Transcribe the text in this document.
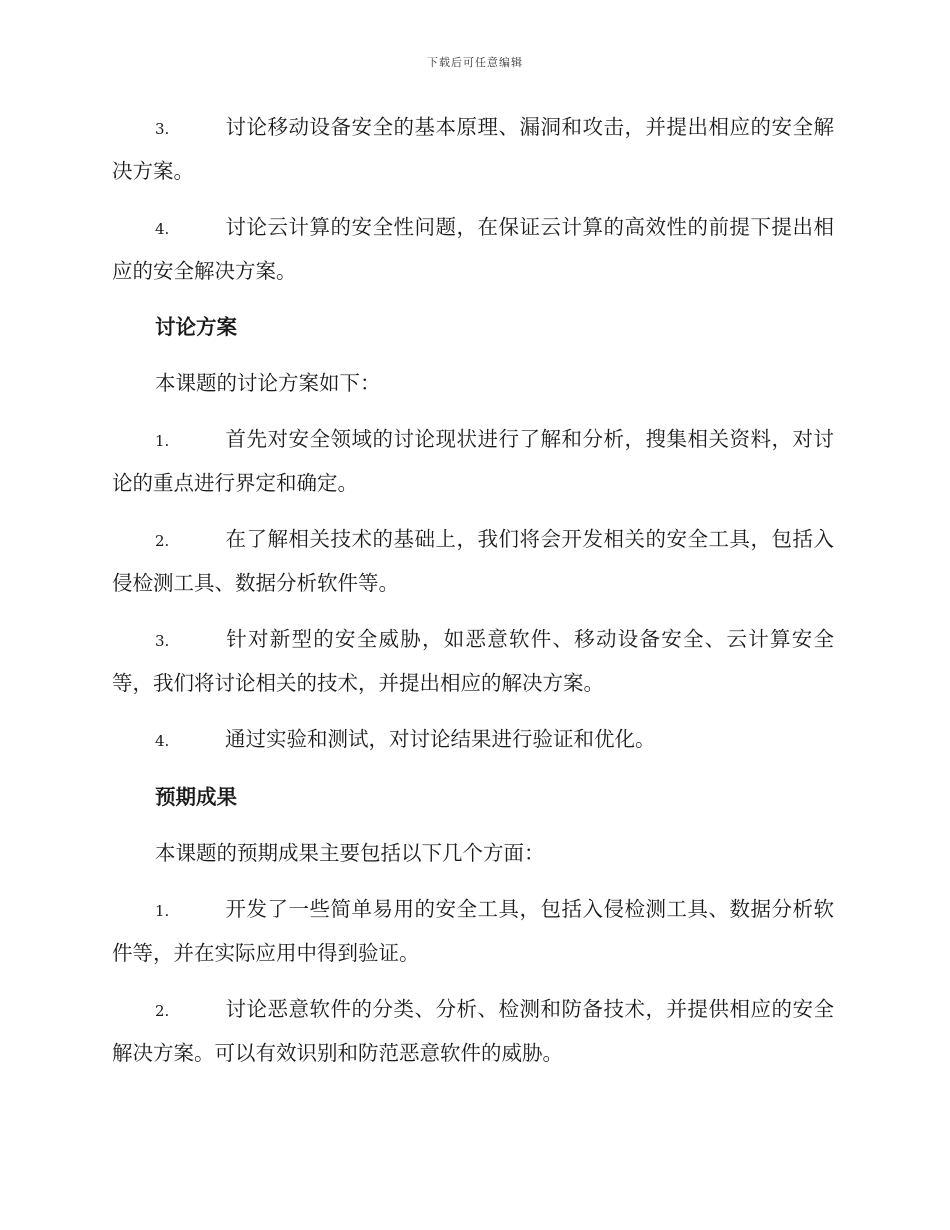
下载后可任意编辑

3.	讨论移动设备安全的基本原理、漏洞和攻击，并提出相应的安全解决方案。

4.	讨论云计算的安全性问题，在保证云计算的高效性的前提下提出相应的安全解决方案。

讨论方案

本课题的讨论方案如下：

1.	首先对安全领域的讨论现状进行了解和分析，搜集相关资料，对讨论的重点进行界定和确定。

2.	在了解相关技术的基础上，我们将会开发相关的安全工具，包括入侵检测工具、数据分析软件等。

3.	针对新型的安全威胁，如恶意软件、移动设备安全、云计算安全等，我们将讨论相关的技术，并提出相应的解决方案。

4.	通过实验和测试，对讨论结果进行验证和优化。

预期成果

本课题的预期成果主要包括以下几个方面：

1.	开发了一些简单易用的安全工具，包括入侵检测工具、数据分析软件等，并在实际应用中得到验证。

2.	讨论恶意软件的分类、分析、检测和防备技术，并提供相应的安全解决方案。可以有效识别和防范恶意软件的威胁。
